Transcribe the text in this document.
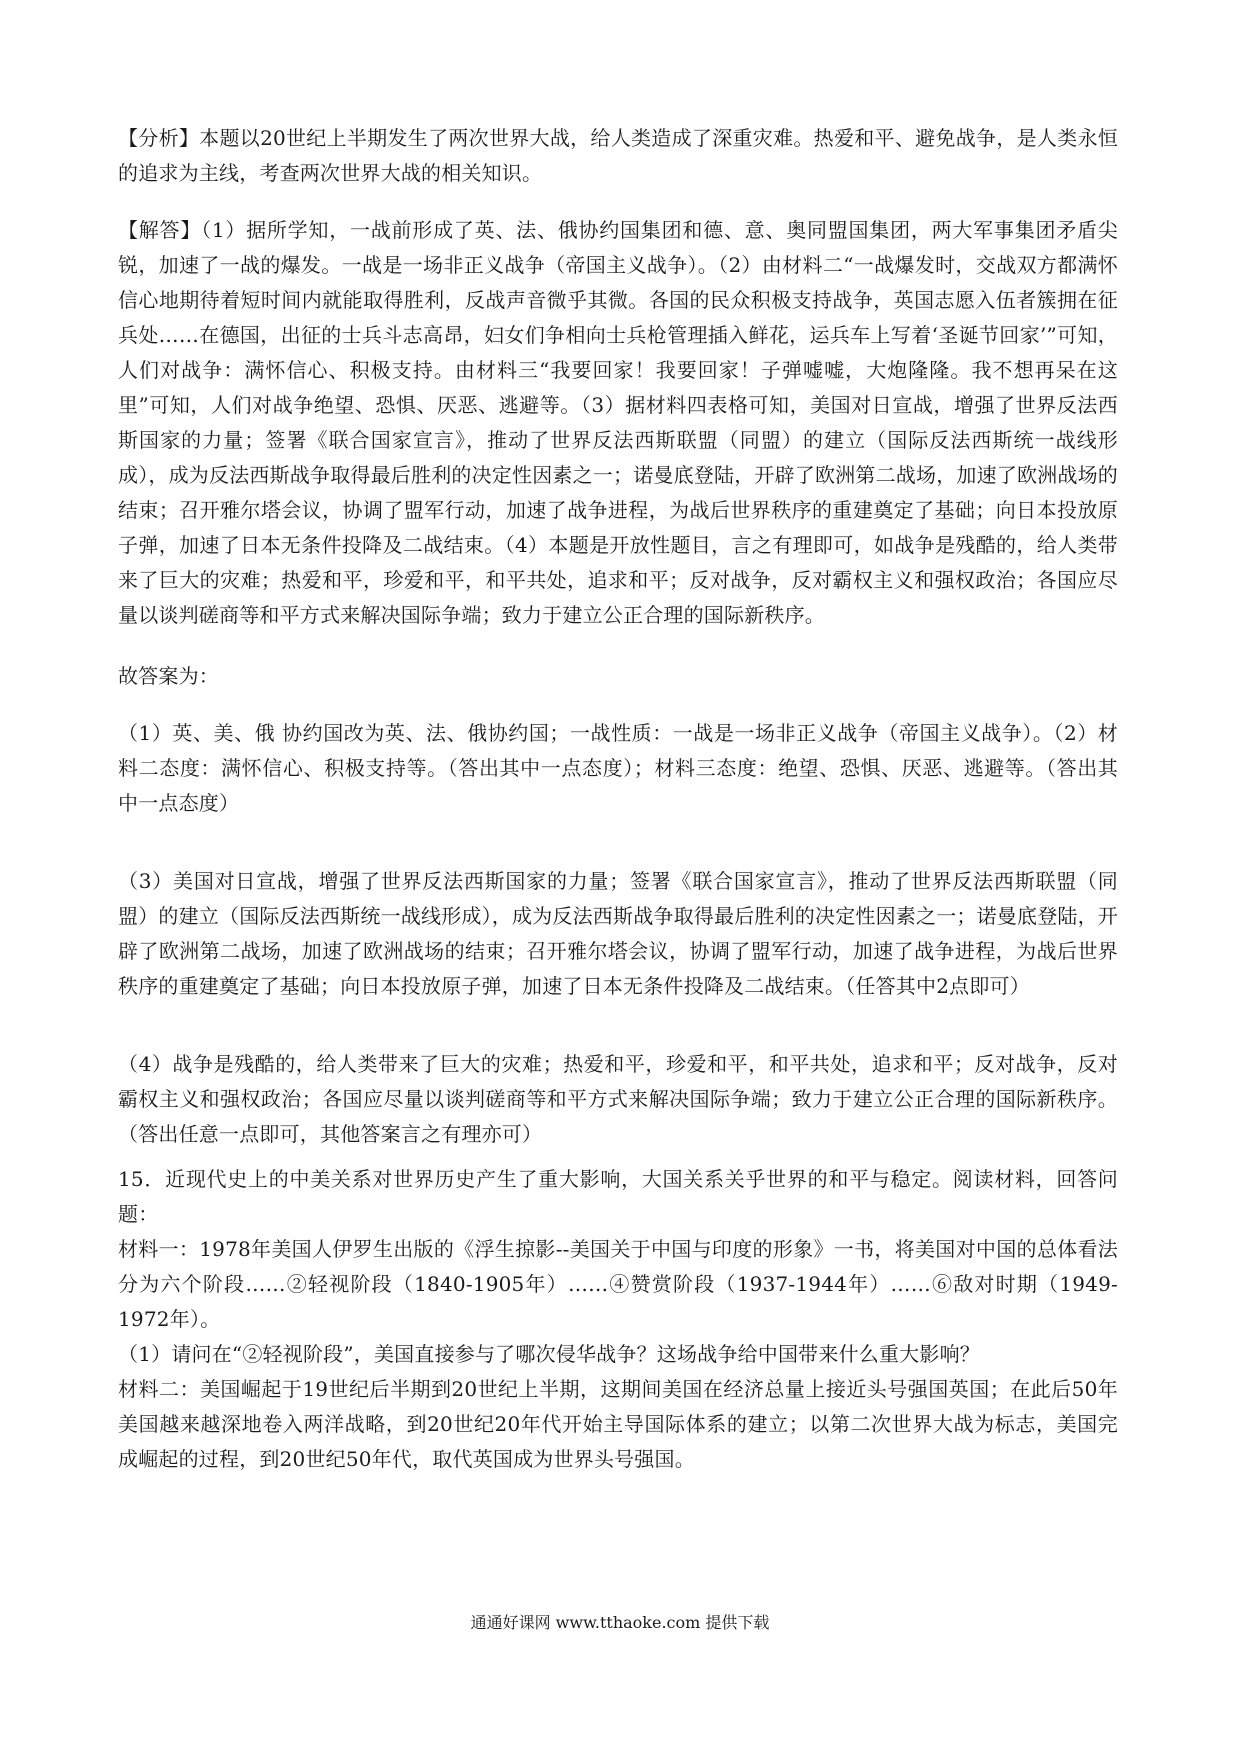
【分析】本题以20世纪上半期发生了两次世界大战，给人类造成了深重灾难。热爱和平、避免战争，是人类永恒的追求为主线，考查两次世界大战的相关知识。

【解答】（1）据所学知，一战前形成了英、法、俄协约国集团和德、意、奥同盟国集团，两大军事集团矛盾尖锐，加速了一战的爆发。一战是一场非正义战争（帝国主义战争）。（2）由材料二“一战爆发时，交战双方都满怀信心地期待着短时间内就能取得胜利，反战声音微乎其微。各国的民众积极支持战争，英国志愿入伍者簇拥在征兵处……在德国，出征的士兵斗志高昂，妇女们争相向士兵枪管理插入鲜花，运兵车上写着‘圣诞节回家’”可知，人们对战争：满怀信心、积极支持。由材料三“我要回家！我要回家！子弹嘘嘘，大炮隆隆。我不想再呆在这里”可知，人们对战争绝望、恐惧、厌恶、逃避等。（3）据材料四表格可知，美国对日宣战，增强了世界反法西斯国家的力量；签署《联合国家宣言》，推动了世界反法西斯联盟（同盟）的建立（国际反法西斯统一战线形成），成为反法西斯战争取得最后胜利的决定性因素之一；诺曼底登陆，开辟了欧洲第二战场，加速了欧洲战场的结束；召开雅尔塔会议，协调了盟军行动，加速了战争进程，为战后世界秩序的重建奠定了基础；向日本投放原子弹，加速了日本无条件投降及二战结束。（4）本题是开放性题目，言之有理即可，如战争是残酷的，给人类带来了巨大的灾难；热爱和平，珍爱和平，和平共处，追求和平；反对战争，反对霸权主义和强权政治；各国应尽量以谈判磋商等和平方式来解决国际争端；致力于建立公正合理的国际新秩序。

故答案为：

（1）英、美、俄 协约国改为英、法、俄协约国；一战性质：一战是一场非正义战争（帝国主义战争）。（2）材料二态度：满怀信心、积极支持等。（答出其中一点态度）；材料三态度：绝望、恐惧、厌恶、逃避等。（答出其中一点态度）

（3）美国对日宣战，增强了世界反法西斯国家的力量；签署《联合国家宣言》，推动了世界反法西斯联盟（同盟）的建立（国际反法西斯统一战线形成），成为反法西斯战争取得最后胜利的决定性因素之一；诺曼底登陆，开辟了欧洲第二战场，加速了欧洲战场的结束；召开雅尔塔会议，协调了盟军行动，加速了战争进程，为战后世界秩序的重建奠定了基础；向日本投放原子弹，加速了日本无条件投降及二战结束。（任答其中2点即可）

（4）战争是残酷的，给人类带来了巨大的灾难；热爱和平，珍爱和平，和平共处，追求和平；反对战争，反对霸权主义和强权政治；各国应尽量以谈判磋商等和平方式来解决国际争端；致力于建立公正合理的国际新秩序。（答出任意一点即可，其他答案言之有理亦可）

15．近现代史上的中美关系对世界历史产生了重大影响，大国关系关乎世界的和平与稳定。阅读材料，回答问题：

材料一：1978年美国人伊罗生出版的《浮生掠影--美国关于中国与印度的形象》一书，将美国对中国的总体看法分为六个阶段……②轻视阶段（1840-1905年）……④赞赏阶段（1937-1944年）……⑥敌对时期（1949-1972年）。

（1）请问在“②轻视阶段”，美国直接参与了哪次侵华战争？这场战争给中国带来什么重大影响？

材料二：美国崛起于19世纪后半期到20世纪上半期，这期间美国在经济总量上接近头号强国英国；在此后50年美国越来越深地卷入两洋战略，到20世纪20年代开始主导国际体系的建立；以第二次世界大战为标志，美国完成崛起的过程，到20世纪50年代，取代英国成为世界头号强国。

通通好课网 www.tthaoke.com 提供下载
